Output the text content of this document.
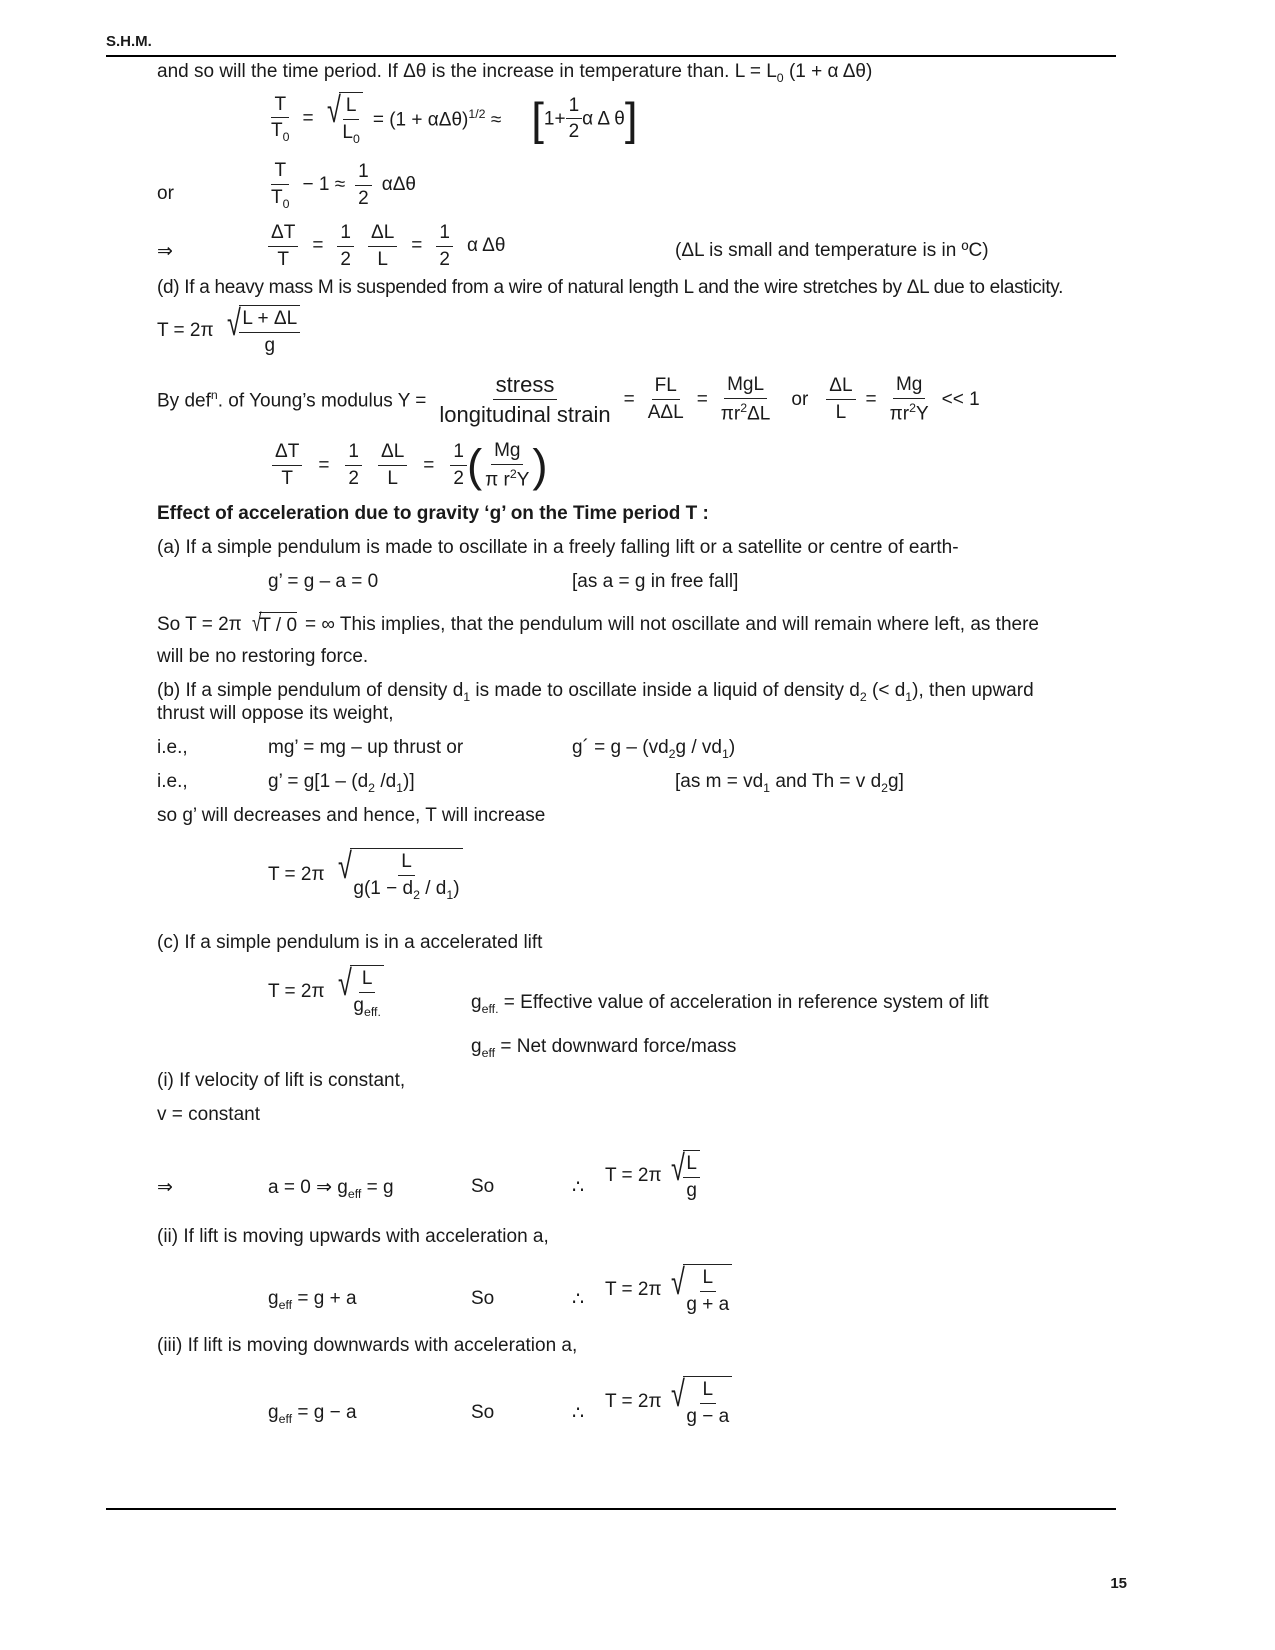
S.H.M.
and so will the time period. If Δθ is the increase in temperature than. $L = L_0$ (1 + α Δθ)
$\frac{T}{T_0}$ = √
$\frac{L}{L_0} = (1 + \alpha\Delta\theta)^{1/2} \approx [1+ \frac{1}{2}$ α Δ θ]
or	$\frac{T}{T_0} - 1 \approx \frac{1}{2}$ αΔθ
⇒	$\frac{\Delta T}{T} = \frac{1}{2} \frac{\Delta L}{L} = \frac{1}{2}$ α Δθ	(ΔL is small and temperature is in ºC)
(d) If a heavy mass M is suspended from a wire of natural length L and the wire stretches by ΔL due to elasticity.
T = 2π √
$\frac{L + \Delta L}{g}$
By def$^n$. of Young’s modulus $Y = \frac{\text{stress}}{\text{longitudinal strain}} = \frac{FL}{\text{AΔL}} = \frac{\text{MgL}}{\pi r^2\Delta L}$ or $\frac{\Delta L}{L} = \frac{Mg}{\pi r^2Y} << 1$
$\frac{\Delta T}{T} = \frac{1}{2} \frac{\Delta L}{L} = \frac{1}{2}$ ( $\frac{Mg}{\pi r^2Y}$ )
Effect of acceleration due to gravity ‘g’ on the Time period T :
(a) If a simple pendulum is made to oscillate in a freely falling lift or a satellite or centre of earth-
g’ = g – a = 0	[as a = g in free fall]
So T = 2π √
T / 0 = ∞ This implies, that the pendulum will not oscillate and will remain where left, as there
will be no restoring force.
(b) If a simple pendulum of density $d_1$ is made to oscillate inside a liquid of density $d_2$ (< $d_1$), then upward
thrust will oppose its weight,
i.e.,	mg’ = mg – up thrust or	g´ = g – $(vd_2g / vd_1)$
i.e.,	g’ = $g[1 - (d_2$ $/d_1$)]	[as $m = vd_1$ and Th = v $d_2g$]
so g’ will decreases and hence, T will increase
T = 2π √
$\frac{L}{g(1 - d_2 / d_1)}$
(c) If a simple pendulum is in a accelerated lift
T = 2π √
$\frac{L}{g_{eff.}}$	$g_{eff.}$ = Effective value of acceleration in reference system of lift
$g_{eff}$ = Net downward force/mass
(i) If velocity of lift is constant,
v = constant
⇒	a = 0 ⇒ $g_{eff} = g$	So	∴
T = 2π √
$\frac{L}{g}$
(ii) If lift is moving upwards with acceleration a,
$g_{eff} = g + a$	So	∴ T = 2π √
$\frac{L}{g + a}$
(iii) If lift is moving downwards with acceleration a,
$g_{eff} = g - a$	So	∴
T = 2π √
$\frac{L}{g - a}$
15
